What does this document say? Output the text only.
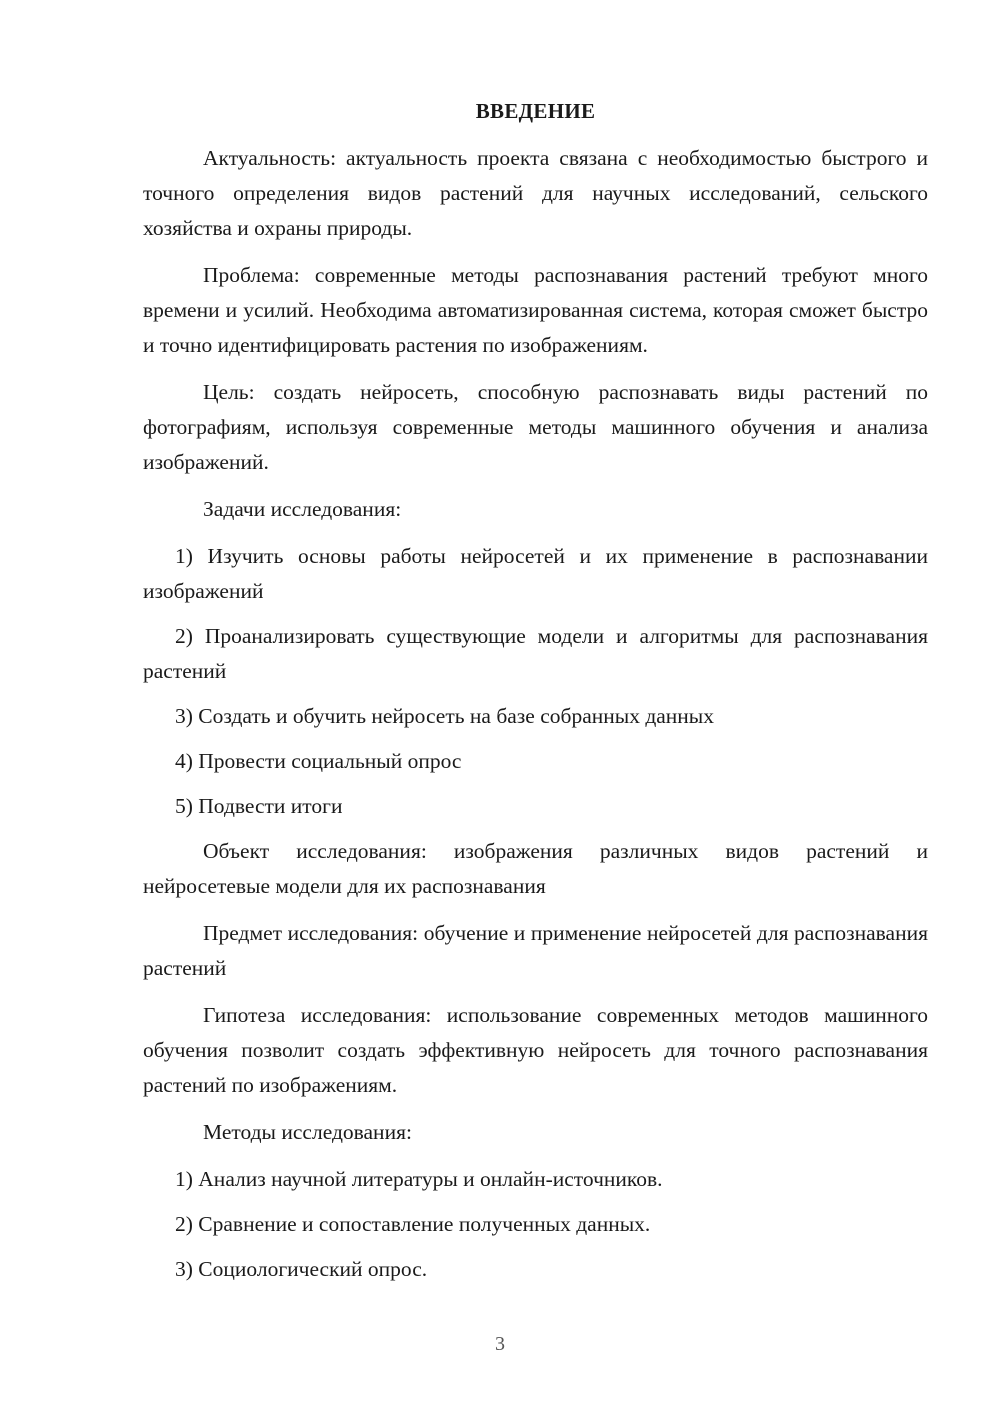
ВВЕДЕНИЕ

Актуальность: актуальность проекта связана с необходимостью быстрого и точного определения видов растений для научных исследований, сельского хозяйства и охраны природы.

Проблема: современные методы распознавания растений требуют много времени и усилий. Необходима автоматизированная система, которая сможет быстро и точно идентифицировать растения по изображениям.

Цель: создать нейросеть, способную распознавать виды растений по фотографиям, используя современные методы машинного обучения и анализа изображений.

Задачи исследования:

1) Изучить основы работы нейросетей и их применение в распознавании изображений

2) Проанализировать существующие модели и алгоритмы для распознавания растений

3) Создать и обучить нейросеть на базе собранных данных

4) Провести социальный опрос

5) Подвести итоги

Объект исследования: изображения различных видов растений и нейросетевые модели для их распознавания

Предмет исследования: обучение и применение нейросетей для распознавания растений

Гипотеза исследования: использование современных методов машинного обучения позволит создать эффективную нейросеть для точного распознавания растений по изображениям.

Методы исследования:

1) Анализ научной литературы и онлайн-источников.

2) Сравнение и сопоставление полученных данных.

3) Социологический опрос.

3
